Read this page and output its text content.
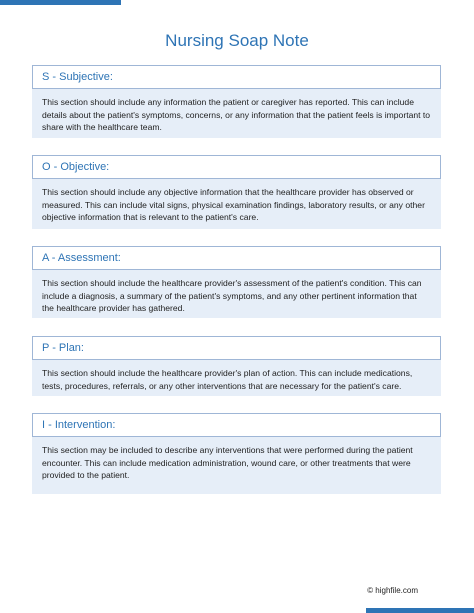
Nursing Soap Note
S - Subjective:
This section should include any information the patient or caregiver has reported. This can include details about the patient's symptoms, concerns, or any information that the patient feels is important to share with the healthcare team.
O - Objective:
This section should include any objective information that the healthcare provider has observed or measured. This can include vital signs, physical examination findings, laboratory results, or any other objective information that is relevant to the patient's care.
A - Assessment:
This section should include the healthcare provider's assessment of the patient's condition. This can include a diagnosis, a summary of the patient's symptoms, and any other pertinent information that the healthcare provider has gathered.
P - Plan:
This section should include the healthcare provider's plan of action. This can include medications, tests, procedures, referrals, or any other interventions that are necessary for the patient's care.
I - Intervention:
This section may be included to describe any interventions that were performed during the patient encounter. This can include medication administration, wound care, or other treatments that were provided to the patient.
© highfile.com
